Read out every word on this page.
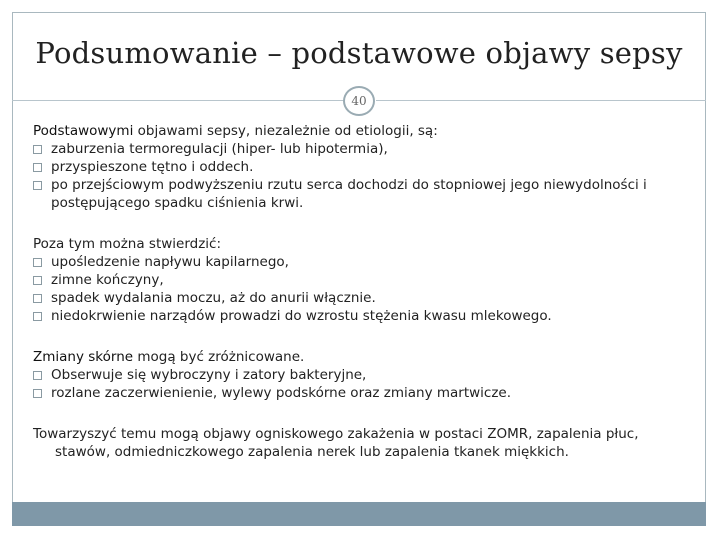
Podsumowanie – podstawowe objawy sepsy
40
Podstawowymi objawami sepsy, niezależnie od etiologii, są:
zaburzenia termoregulacji (hiper- lub hipotermia),
przyspieszone tętno i oddech.
po przejściowym podwyższeniu rzutu serca dochodzi do stopniowej jego niewydolności i postępującego spadku ciśnienia krwi.
Poza tym można stwierdzić:
upośledzenie napływu kapilarnego,
zimne kończyny,
spadek wydalania moczu, aż do anurii włącznie.
niedokrwienie narządów prowadzi do wzrostu stężenia kwasu mlekowego.
Zmiany skórne mogą być zróżnicowane.
Obserwuje się wybroczyny i zatory bakteryjne,
rozlane zaczerwienienie, wylewy podskórne oraz zmiany martwicze.
Towarzyszyć temu mogą objawy ogniskowego zakażenia w postaci ZOMR, zapalenia płuc, stawów, odmiedniczkowego zapalenia nerek lub zapalenia tkanek miękkich.
